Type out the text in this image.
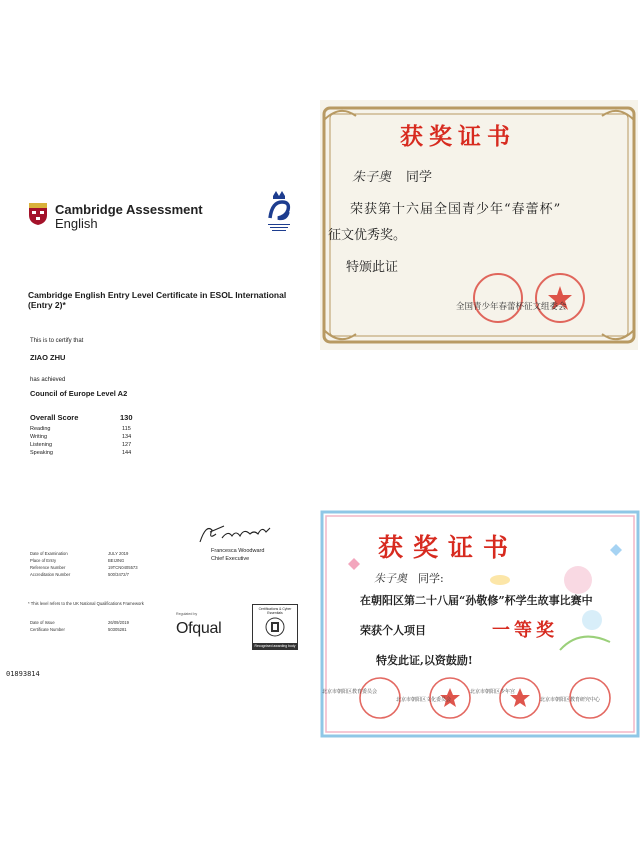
Cambridge Assessment
English
Cambridge English Entry Level Certificate in ESOL International (Entry 2)*
This is to certify that
ZIAO ZHU
has achieved
Council of Europe Level A2
Overall Score	130
Reading	115
Writing	134
Listening	127
Speaking	144
Francesca Woodward
Chief Executive
Date of Examination	JULY 2019
Place of Entry	BEIJING
Reference Number	19TCN0405573
Accreditation Number	500/3472/7
* This level refers to the UK National Qualifications Framework
Date of Issue	26/09/2019
Certificate Number	50305281
Regulated by
Ofqual
Certifications & Cyber Essentials
Recognised awarding body
01893814
获奖证书
朱子奥 同学
荣获第十六届全国青少年“春蕾杯”
征文优秀奖。
特颁此证
全国青少年春蕾杯征文组委会
获奖证书
朱子奥 同学:
在朝阳区第二十八届“孙敬修”杯学生故事比赛中
荣获个人项目	一等奖
特发此证,以资鼓励!
北京市朝阳区教育委员会
北京市朝阳区文化委员会
北京市朝阳区少年宫
北京市朝阳区教育研究中心
